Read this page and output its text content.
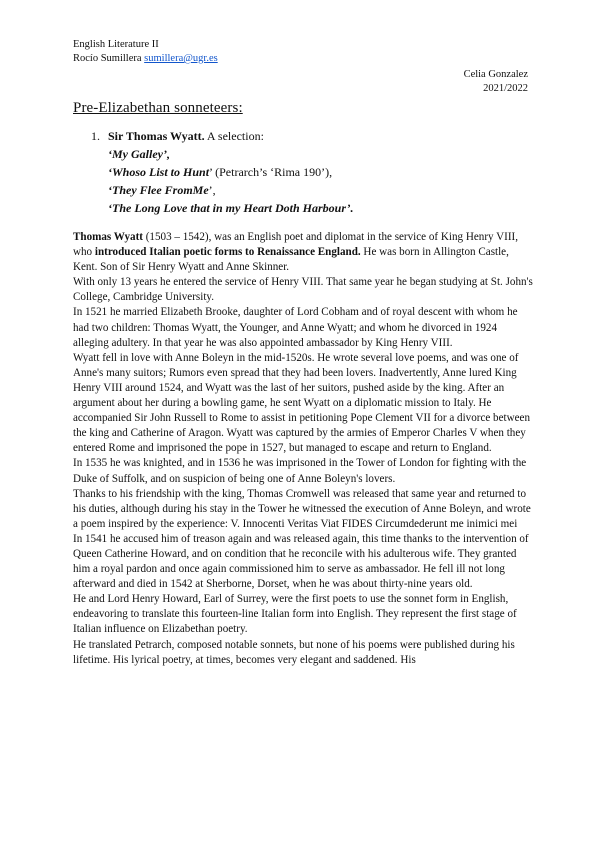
English Literature II
Rocío Sumillera sumillera@ugr.es
Celia Gonzalez
2021/2022
Pre-Elizabethan sonneteers:
1. Sir Thomas Wyatt. A selection:
‘My Galley’,
‘Whoso List to Hunt’ (Petrarch’s ‘Rima 190’),
‘They Flee FromMe’,
‘The Long Love that in my Heart Doth Harbour’.

Thomas Wyatt (1503 – 1542), was an English poet and diplomat in the service of King Henry VIII, who introduced Italian poetic forms to Renaissance England. He was born in Allington Castle, Kent. Son of Sir Henry Wyatt and Anne Skinner.

With only 13 years he entered the service of Henry VIII. That same year he began studying at St. John's College, Cambridge University.

In 1521 he married Elizabeth Brooke, daughter of Lord Cobham and of royal descent with whom he had two children: Thomas Wyatt, the Younger, and Anne Wyatt; and whom he divorced in 1924 alleging adultery. In that year he was also appointed ambassador by King Henry VIII.

Wyatt fell in love with Anne Boleyn in the mid-1520s. He wrote several love poems, and was one of Anne's many suitors; Rumors even spread that they had been lovers. Inadvertently, Anne lured King Henry VIII around 1524, and Wyatt was the last of her suitors, pushed aside by the king. After an argument about her during a bowling game, he sent Wyatt on a diplomatic mission to Italy. He accompanied Sir John Russell to Rome to assist in petitioning Pope Clement VII for a divorce between the king and Catherine of Aragon. Wyatt was captured by the armies of Emperor Charles V when they entered Rome and imprisoned the pope in 1527, but managed to escape and return to England.

In 1535 he was knighted, and in 1536 he was imprisoned in the Tower of London for fighting with the Duke of Suffolk, and on suspicion of being one of Anne Boleyn's lovers.

Thanks to his friendship with the king, Thomas Cromwell was released that same year and returned to his duties, although during his stay in the Tower he witnessed the execution of Anne Boleyn, and wrote a poem inspired by the experience: V. Innocenti Veritas Viat FIDES Circumdederunt me inimici mei

In 1541 he accused him of treason again and was released again, this time thanks to the intervention of Queen Catherine Howard, and on condition that he reconcile with his adulterous wife. They granted him a royal pardon and once again commissioned him to serve as ambassador. He fell ill not long afterward and died in 1542 at Sherborne, Dorset, when he was about thirty-nine years old.

He and Lord Henry Howard, Earl of Surrey, were the first poets to use the sonnet form in English, endeavoring to translate this fourteen-line Italian form into English. They represent the first stage of Italian influence on Elizabethan poetry.

He translated Petrarch, composed notable sonnets, but none of his poems were published during his lifetime. His lyrical poetry, at times, becomes very elegant and saddened. His
